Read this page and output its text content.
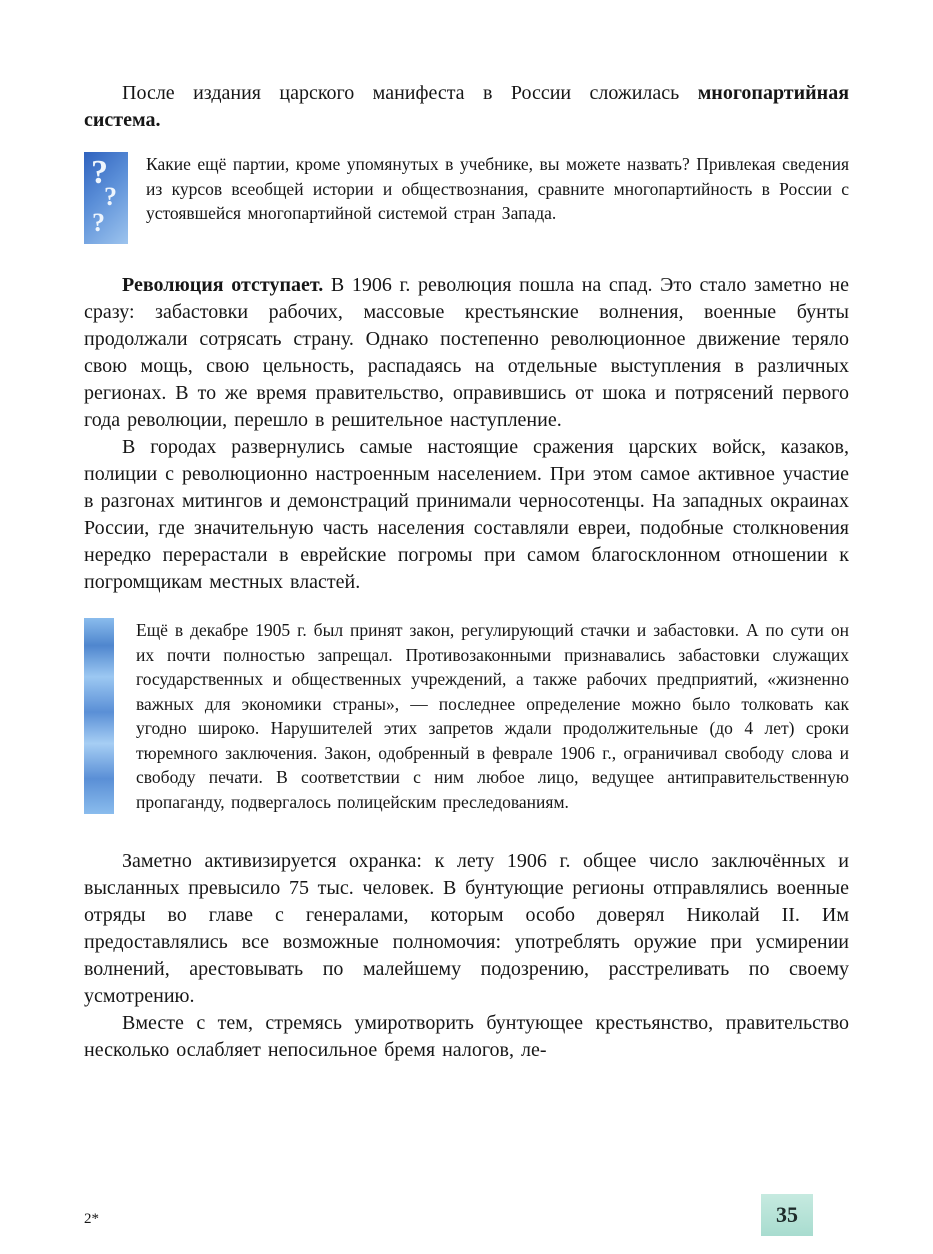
После издания царского манифеста в России сложилась многопартийная система.

?
?
?

Какие ещё партии, кроме упомянутых в учебнике, вы можете назвать? Привлекая сведения из курсов всеобщей истории и обществознания, сравните многопартийность в России с устоявшейся многопартийной системой стран Запада.

Революция отступает. В 1906 г. революция пошла на спад. Это стало заметно не сразу: забастовки рабочих, массовые крестьянские волнения, военные бунты продолжали сотрясать страну. Однако постепенно революционное движение теряло свою мощь, свою цельность, распадаясь на отдельные выступления в различных регионах. В то же время правительство, оправившись от шока и потрясений первого года революции, перешло в решительное наступление.

В городах развернулись самые настоящие сражения царских войск, казаков, полиции с революционно настроенным населением. При этом самое активное участие в разгонах митингов и демонстраций принимали черносотенцы. На западных окраинах России, где значительную часть населения составляли евреи, подобные столкновения нередко перерастали в еврейские погромы при самом благосклонном отношении к погромщикам местных властей.

Ещё в декабре 1905 г. был принят закон, регулирующий стачки и забастовки. А по сути он их почти полностью запрещал. Противозаконными признавались забастовки служащих государственных и общественных учреждений, а также рабочих предприятий, «жизненно важных для экономики страны», — последнее определение можно было толковать как угодно широко. Нарушителей этих запретов ждали продолжительные (до 4 лет) сроки тюремного заключения. Закон, одобренный в феврале 1906 г., ограничивал свободу слова и свободу печати. В соответствии с ним любое лицо, ведущее антиправительственную пропаганду, подвергалось полицейским преследованиям.

Заметно активизируется охранка: к лету 1906 г. общее число заключённых и высланных превысило 75 тыс. человек. В бунтующие регионы отправлялись военные отряды во главе с генералами, которым особо доверял Николай II. Им предоставлялись все возможные полномочия: употреблять оружие при усмирении волнений, арестовывать по малейшему подозрению, расстреливать по своему усмотрению.

Вместе с тем, стремясь умиротворить бунтующее крестьянство, правительство несколько ослабляет непосильное бремя налогов, ле-

2*	35
